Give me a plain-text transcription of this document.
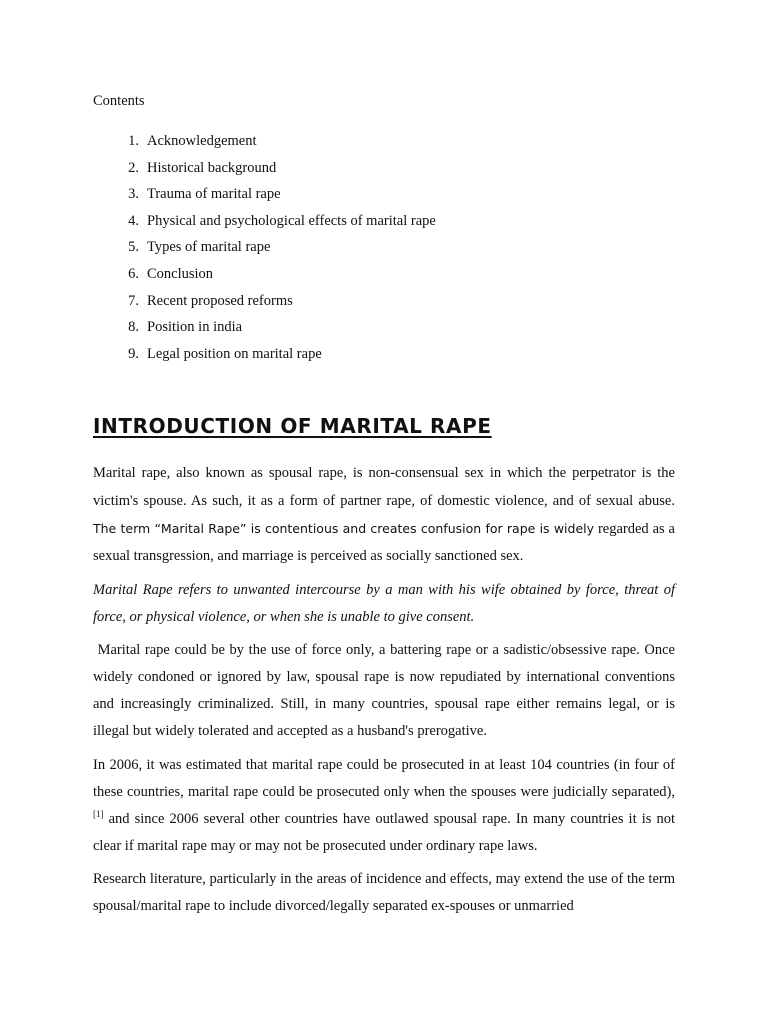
Contents
1. Acknowledgement
2. Historical background
3. Trauma of marital rape
4. Physical and psychological effects of marital rape
5. Types of marital rape
6. Conclusion
7. Recent proposed reforms
8. Position in india
9. Legal position on marital rape
INTRODUCTION OF MARITAL RAPE

Marital rape, also known as spousal rape, is non-consensual sex in which the perpetrator is the victim's spouse. As such, it as a form of partner rape, of domestic violence, and of sexual abuse. The term “Marital Rape” is contentious and creates confusion for rape is widely regarded as a sexual transgression, and marriage is perceived as socially sanctioned sex.

Marital Rape refers to unwanted intercourse by a man with his wife obtained by force, threat of force, or physical violence, or when she is unable to give consent.

Marital rape could be by the use of force only, a battering rape or a sadistic/obsessive rape. Once widely condoned or ignored by law, spousal rape is now repudiated by international conventions and increasingly criminalized. Still, in many countries, spousal rape either remains legal, or is illegal but widely tolerated and accepted as a husband's prerogative.

In 2006, it was estimated that marital rape could be prosecuted in at least 104 countries (in four of these countries, marital rape could be prosecuted only when the spouses were judicially separated),[1] and since 2006 several other countries have outlawed spousal rape. In many countries it is not clear if marital rape may or may not be prosecuted under ordinary rape laws.

Research literature, particularly in the areas of incidence and effects, may extend the use of the term spousal/marital rape to include divorced/legally separated ex-spouses or unmarried
